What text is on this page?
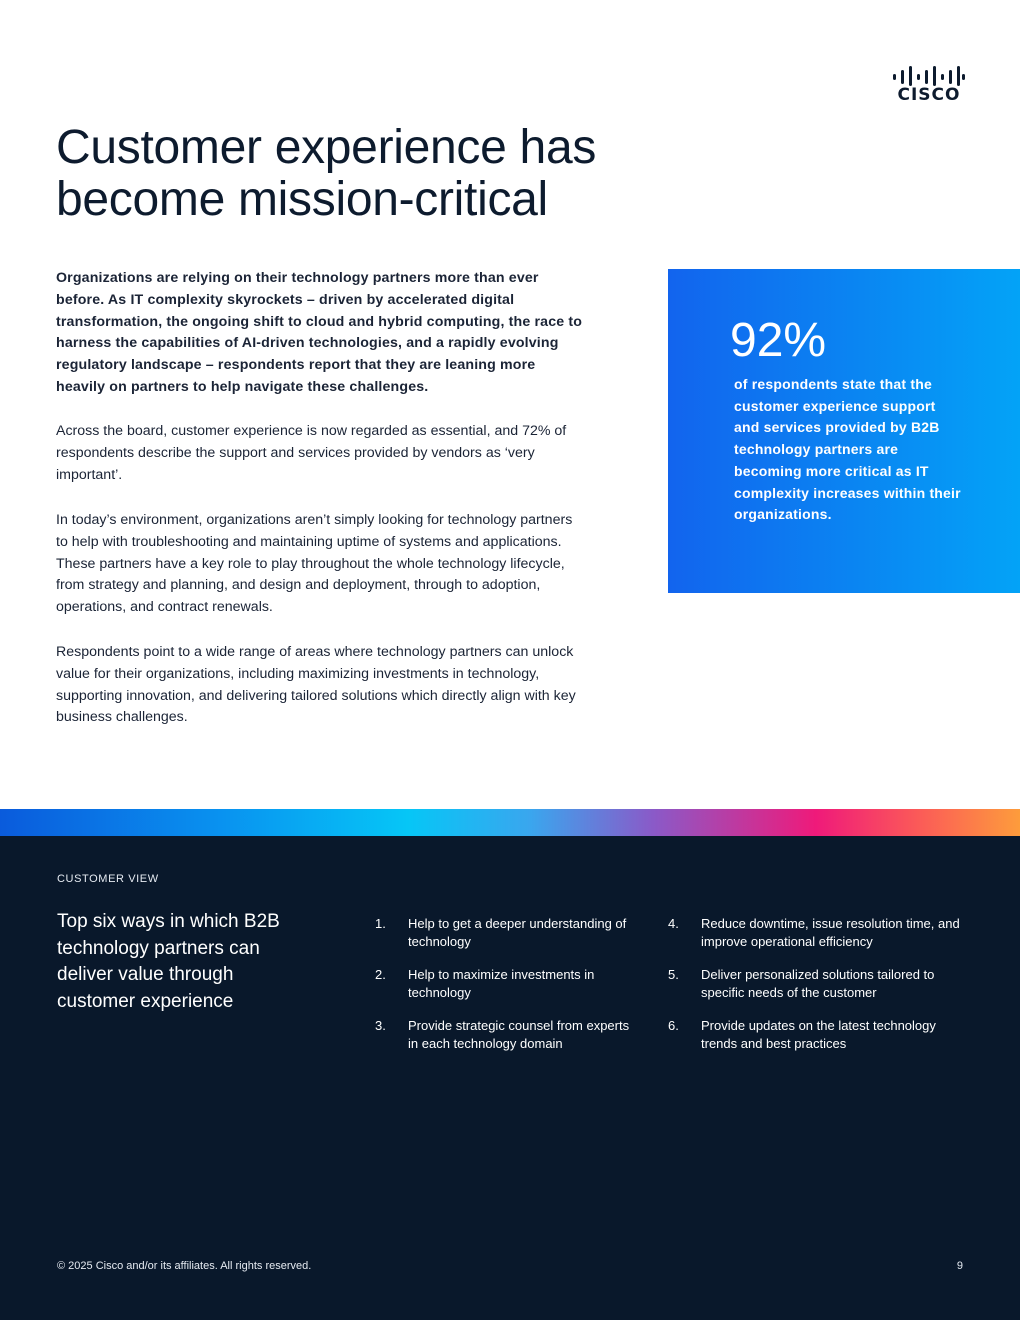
CISCO
Customer experience has become mission-critical

Organizations are relying on their technology partners more than ever before. As IT complexity skyrockets – driven by accelerated digital transformation, the ongoing shift to cloud and hybrid computing, the race to harness the capabilities of AI-driven technologies, and a rapidly evolving regulatory landscape – respondents report that they are leaning more heavily on partners to help navigate these challenges.

Across the board, customer experience is now regarded as essential, and 72% of respondents describe the support and services provided by vendors as ‘very important’.

In today’s environment, organizations aren’t simply looking for technology partners to help with troubleshooting and maintaining uptime of systems and applications. These partners have a key role to play throughout the whole technology lifecycle, from strategy and planning, and design and deployment, through to adoption, operations, and contract renewals.

Respondents point to a wide range of areas where technology partners can unlock value for their organizations, including maximizing investments in technology, supporting innovation, and delivering tailored solutions which directly align with key business challenges.

92%

of respondents state that the customer experience support and services provided by B2B technology partners are becoming more critical as IT complexity increases within their organizations.

CUSTOMER VIEW

Top six ways in which B2B technology partners can deliver value through customer experience
1. Help to get a deeper understanding of technology
2. Help to maximize investments in technology
3. Provide strategic counsel from experts in each technology domain
4. Reduce downtime, issue resolution time, and improve operational efficiency
5. Deliver personalized solutions tailored to specific needs of the customer
6. Provide updates on the latest technology trends and best practices

© 2025 Cisco and/or its affiliates. All rights reserved.	9
